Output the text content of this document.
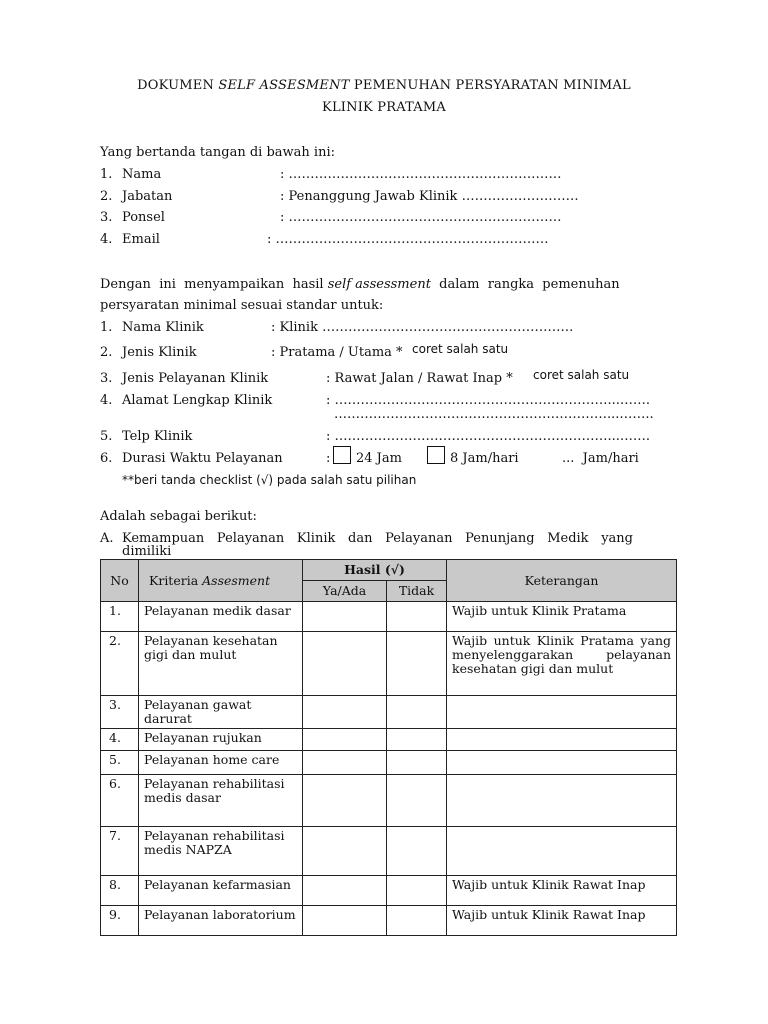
DOKUMEN SELF ASSESMENT PEMENUHAN PERSYARATAN MINIMAL
KLINIK PRATAMA
Yang bertanda tangan di bawah ini:
1. Nama	: ………………………………………………………
2. Jabatan	: Penanggung Jawab Klinik ………………………
3. Ponsel	: ………………………………………………………
4. Email	: ………………………………………………………
Dengan  ini  menyampaikan  hasil self assessment  dalam  rangka  pemenuhan
persyaratan minimal sesuai standar untuk:
1. Nama Klinik	: Klinik ………………………………………………….
2. Jenis Klinik	: Pratama / Utama * coret salah satu
3. Jenis Pelayanan Klinik	: Rawat Jalan / Rawat Inap * coret salah satu
4. Alamat Lengkap Klinik	: ………………………………………………………...…….
………………………………………………………...……..
5. Telp Klinik	: ………………………………………………………...…….
6. Durasi Waktu Pelayanan	: 24 Jam	8 Jam/hari	...  Jam/hari
**beri tanda checklist (√) pada salah satu pilihan
Adalah sebagai berikut:
A. Kemampuan Pelayanan Klinik dan Pelayanan Penunjang Medik yang
dimiliki
No	Kriteria Assesment	Hasil (√)		Keterangan
		Ya/Ada	Tidak	
1.	Pelayanan medik dasar			Wajib untuk Klinik Pratama
2.	Pelayanan kesehatan gigi dan mulut			Wajib untuk Klinik Pratama yang menyelenggarakan pelayanan kesehatan gigi dan mulut
3.	Pelayanan gawat darurat			
4.	Pelayanan rujukan			
5.	Pelayanan home care			
6.	Pelayanan rehabilitasi medis dasar			
7.	Pelayanan rehabilitasi medis NAPZA			
8.	Pelayanan kefarmasian			Wajib untuk Klinik Rawat Inap
9.	Pelayanan laboratorium			Wajib untuk Klinik Rawat Inap
